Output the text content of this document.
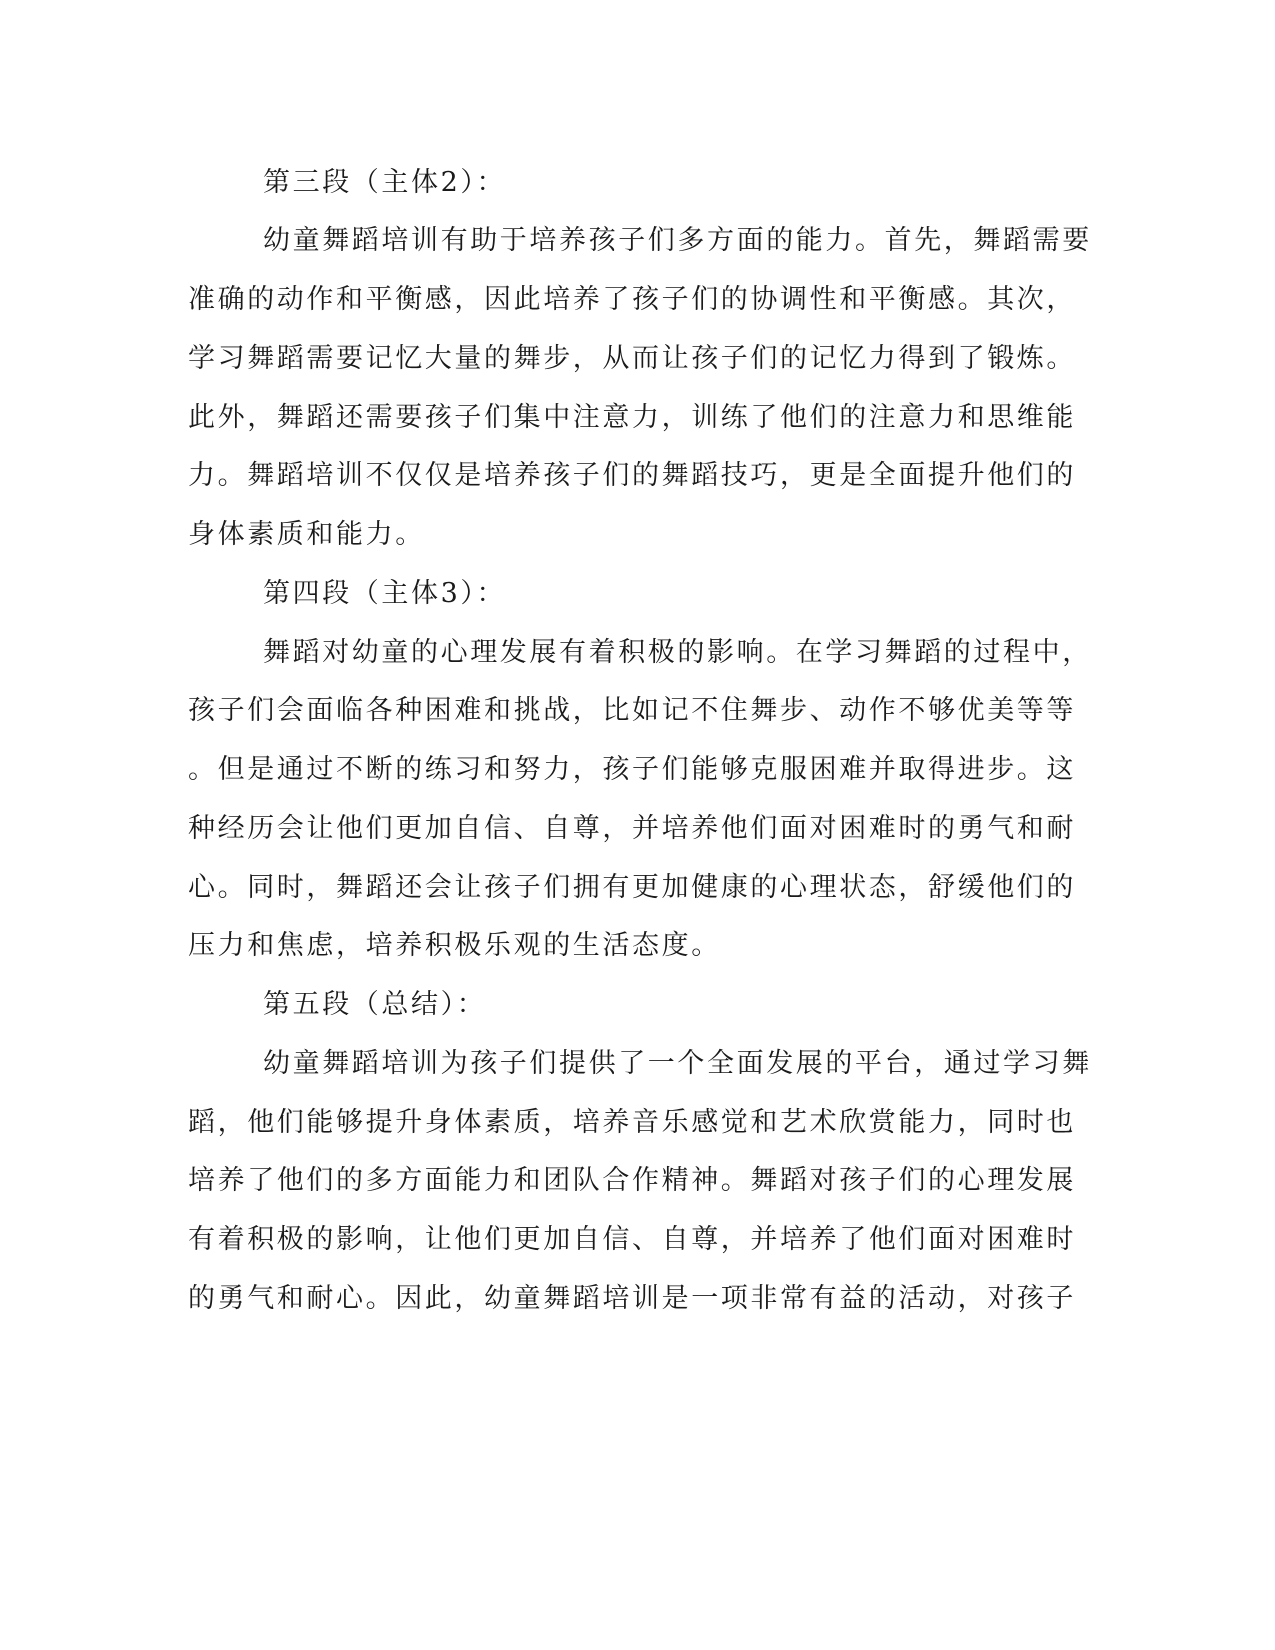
第三段（主体2）：
幼童舞蹈培训有助于培养孩子们多方面的能力。首先，舞蹈需要
准确的动作和平衡感，因此培养了孩子们的协调性和平衡感。其次，
学习舞蹈需要记忆大量的舞步，从而让孩子们的记忆力得到了锻炼。
此外，舞蹈还需要孩子们集中注意力，训练了他们的注意力和思维能
力。舞蹈培训不仅仅是培养孩子们的舞蹈技巧，更是全面提升他们的
身体素质和能力。
第四段（主体3）：
舞蹈对幼童的心理发展有着积极的影响。在学习舞蹈的过程中，
孩子们会面临各种困难和挑战，比如记不住舞步、动作不够优美等等
。但是通过不断的练习和努力，孩子们能够克服困难并取得进步。这
种经历会让他们更加自信、自尊，并培养他们面对困难时的勇气和耐
心。同时，舞蹈还会让孩子们拥有更加健康的心理状态，舒缓他们的
压力和焦虑，培养积极乐观的生活态度。
第五段（总结）：
幼童舞蹈培训为孩子们提供了一个全面发展的平台，通过学习舞
蹈，他们能够提升身体素质，培养音乐感觉和艺术欣赏能力，同时也
培养了他们的多方面能力和团队合作精神。舞蹈对孩子们的心理发展
有着积极的影响，让他们更加自信、自尊，并培养了他们面对困难时
的勇气和耐心。因此，幼童舞蹈培训是一项非常有益的活动，对孩子
